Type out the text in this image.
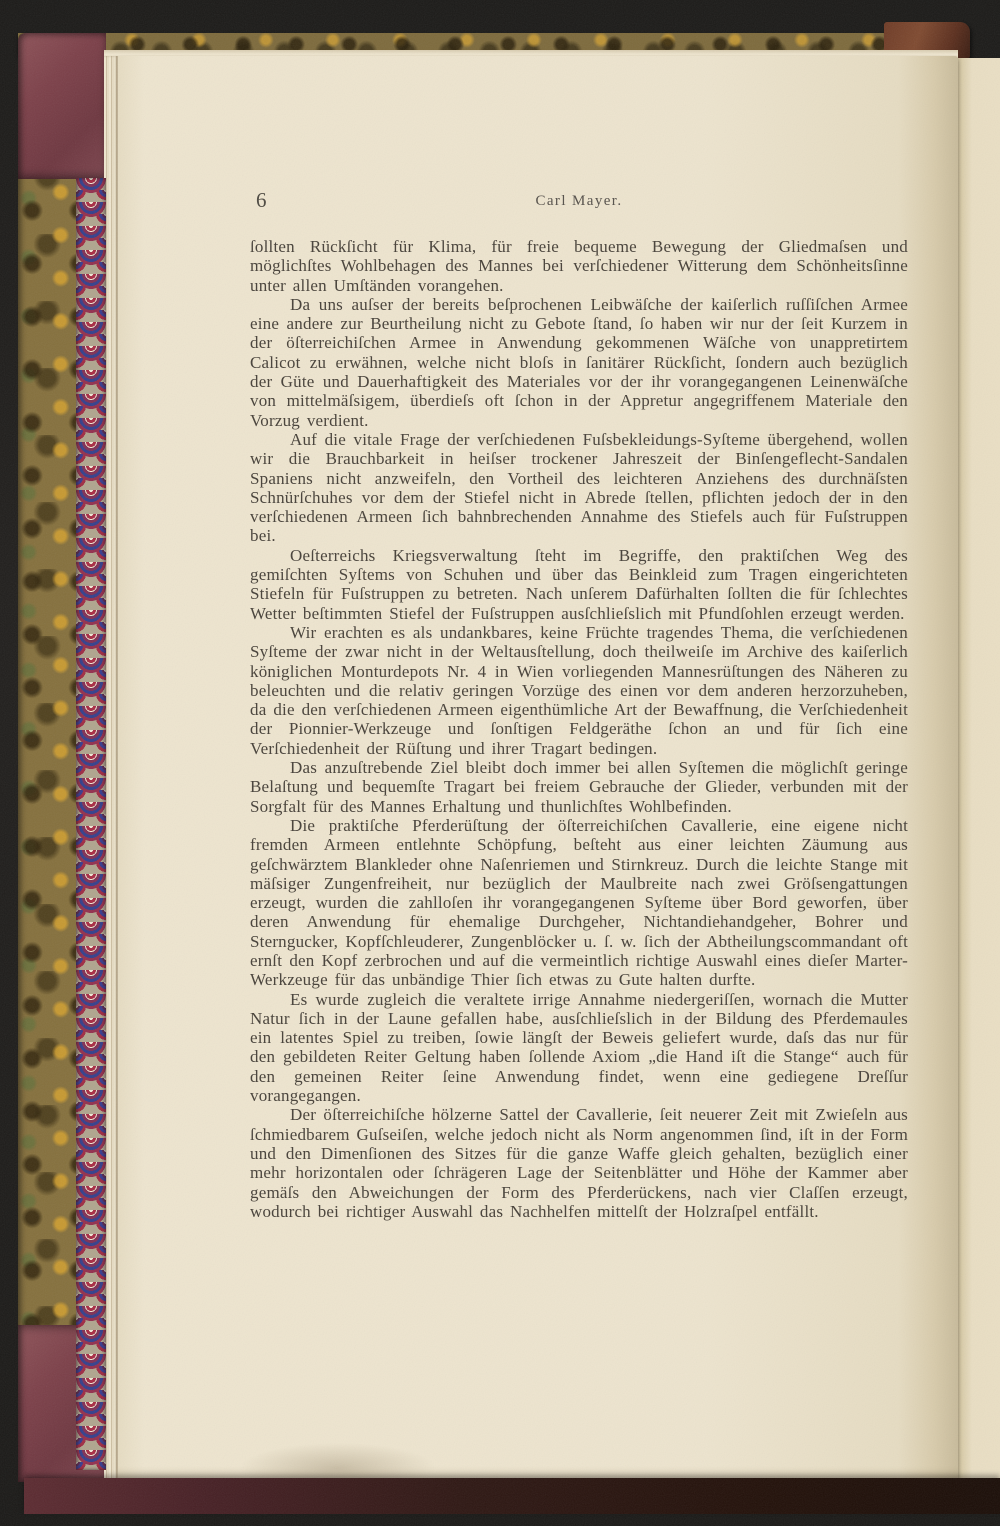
6	Carl Mayer.

ſollten Rückſicht für Klima, für freie bequeme Bewegung der Gliedmaſsen und möglichſtes Wohlbehagen des Mannes bei verſchiedener Witterung dem Schönheitsſinne unter allen Umſtänden vorangehen.

Da uns auſser der bereits beſprochenen Leibwäſche der kaiſerlich ruſſiſchen Armee eine andere zur Beurtheilung nicht zu Gebote ſtand, ſo haben wir nur der ſeit Kurzem in der öſterreichiſchen Armee in Anwendung gekommenen Wäſche von unappretirtem Calicot zu erwähnen, welche nicht bloſs in ſanitärer Rückſicht, ſondern auch bezüglich der Güte und Dauerhaftigkeit des Materiales vor der ihr vorangegangenen Leinenwäſche von mittelmäſsigem, überdieſs oft ſchon in der Appretur angegriffenem Materiale den Vorzug verdient.

Auf die vitale Frage der verſchiedenen Fuſsbekleidungs-Syſteme übergehend, wollen wir die Brauchbarkeit in heiſser trockener Jahreszeit der Binſengeflecht-Sandalen Spaniens nicht anzweifeln, den Vortheil des leichteren Anziehens des durchnäſsten Schnürſchuhes vor dem der Stiefel nicht in Abrede ſtellen, pflichten jedoch der in den verſchiedenen Armeen ſich bahnbrechenden Annahme des Stiefels auch für Fuſstruppen bei.

Oeſterreichs Kriegsverwaltung ſteht im Begriffe, den praktiſchen Weg des gemiſchten Syſtems von Schuhen und über das Beinkleid zum Tragen eingerichteten Stiefeln für Fuſstruppen zu betreten. Nach unſerem Dafürhalten ſollten die für ſchlechtes Wetter beſtimmten Stiefel der Fuſstruppen ausſchlieſslich mit Pfundſohlen erzeugt werden.

Wir erachten es als undankbares, keine Früchte tragendes Thema, die verſchiedenen Syſteme der zwar nicht in der Weltausſtellung, doch theilweiſe im Archive des kaiſerlich königlichen Monturdepots Nr. 4 in Wien vorliegenden Mannesrüſtungen des Näheren zu beleuchten und die relativ geringen Vorzüge des einen vor dem anderen herzorzuheben, da die den verſchiedenen Armeen eigenthümliche Art der Bewaffnung, die Verſchiedenheit der Pionnier-Werkzeuge und ſonſtigen Feldgeräthe ſchon an und für ſich eine Verſchiedenheit der Rüſtung und ihrer Tragart bedingen.

Das anzuſtrebende Ziel bleibt doch immer bei allen Syſtemen die möglichſt geringe Belaſtung und bequemſte Tragart bei freiem Gebrauche der Glieder, verbunden mit der Sorgfalt für des Mannes Erhaltung und thunlichſtes Wohlbefinden.

Die praktiſche Pferderüſtung der öſterreichiſchen Cavallerie, eine eigene nicht fremden Armeen entlehnte Schöpfung, beſteht aus einer leichten Zäumung aus geſchwärztem Blankleder ohne Naſenriemen und Stirnkreuz. Durch die leichte Stange mit mäſsiger Zungenfreiheit, nur bezüglich der Maulbreite nach zwei Gröſsengattungen erzeugt, wurden die zahlloſen ihr vorangegangenen Syſteme über Bord geworfen, über deren Anwendung für ehemalige Durchgeher, Nichtandiehandgeher, Bohrer und Sterngucker, Kopfſchleuderer, Zungenblöcker u. ſ. w. ſich der Abtheilungscommandant oft ernſt den Kopf zerbrochen und auf die vermeintlich richtige Auswahl eines dieſer Marter-Werkzeuge für das unbändige Thier ſich etwas zu Gute halten durfte.

Es wurde zugleich die veraltete irrige Annahme niedergeriſſen, wornach die Mutter Natur ſich in der Laune gefallen habe, ausſchlieſslich in der Bildung des Pferdemaules ein latentes Spiel zu treiben, ſowie längſt der Beweis geliefert wurde, daſs das nur für den gebildeten Reiter Geltung haben ſollende Axiom „die Hand iſt die Stange“ auch für den gemeinen Reiter ſeine Anwendung findet, wenn eine gediegene Dreſſur vorangegangen.

Der öſterreichiſche hölzerne Sattel der Cavallerie, ſeit neuerer Zeit mit Zwieſeln aus ſchmiedbarem Guſseiſen, welche jedoch nicht als Norm angenommen ſind, iſt in der Form und den Dimenſionen des Sitzes für die ganze Waffe gleich gehalten, bezüglich einer mehr horizontalen oder ſchrägeren Lage der Seitenblätter und Höhe der Kammer aber gemäſs den Abweichungen der Form des Pferderückens, nach vier Claſſen erzeugt, wodurch bei richtiger Auswahl das Nachhelfen mittelſt der Holzraſpel entfällt.
